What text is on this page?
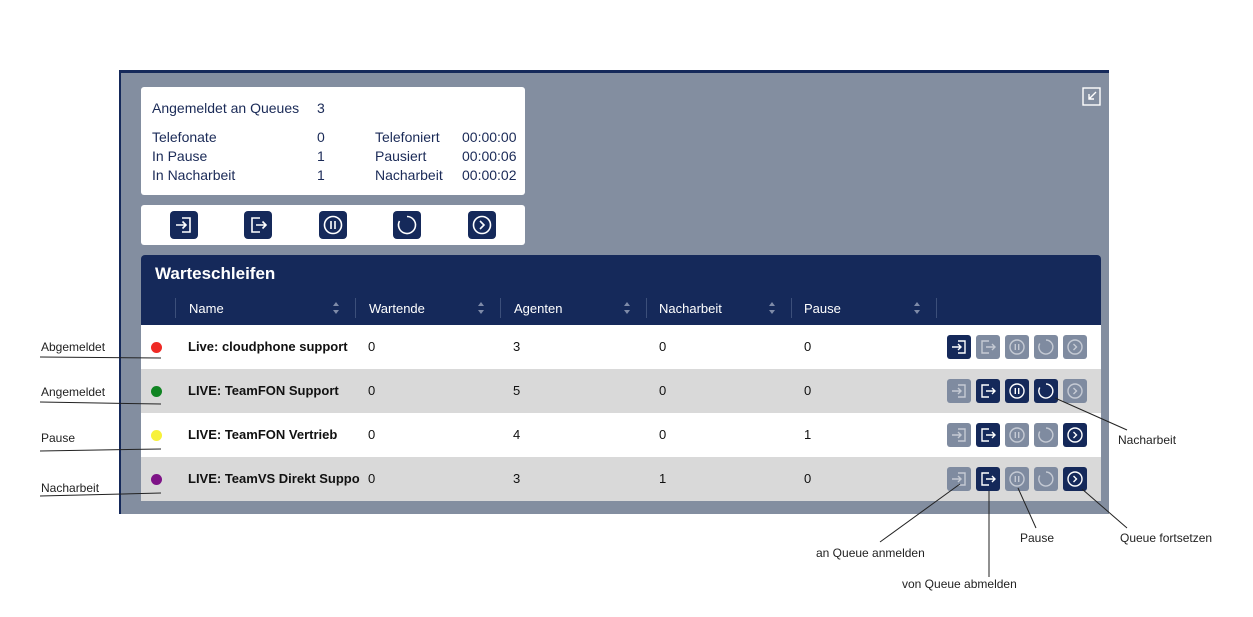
Angemeldet an Queues 3
Telefonate	0	Telefoniert 00:00:00
In Pause	1	Pausiert	00:00:06
In Nacharbeit	1	Nacharbeit 00:00:02
Warteschleifen
Name	Wartende	Agenten	Nacharbeit	Pause
Live: cloudphone support 0	3	0	0
LIVE: TeamFON Support 0	5	0	0
LIVE: TeamFON Vertrieb 0	4	0	1
LIVE: TeamVS Direkt Suppo 0	3	1	0
Abgemeldet
Angemeldet
Pause
Nacharbeit
Nacharbeit
an Queue anmelden
von Queue abmelden
Pause	Queue fortsetzen
